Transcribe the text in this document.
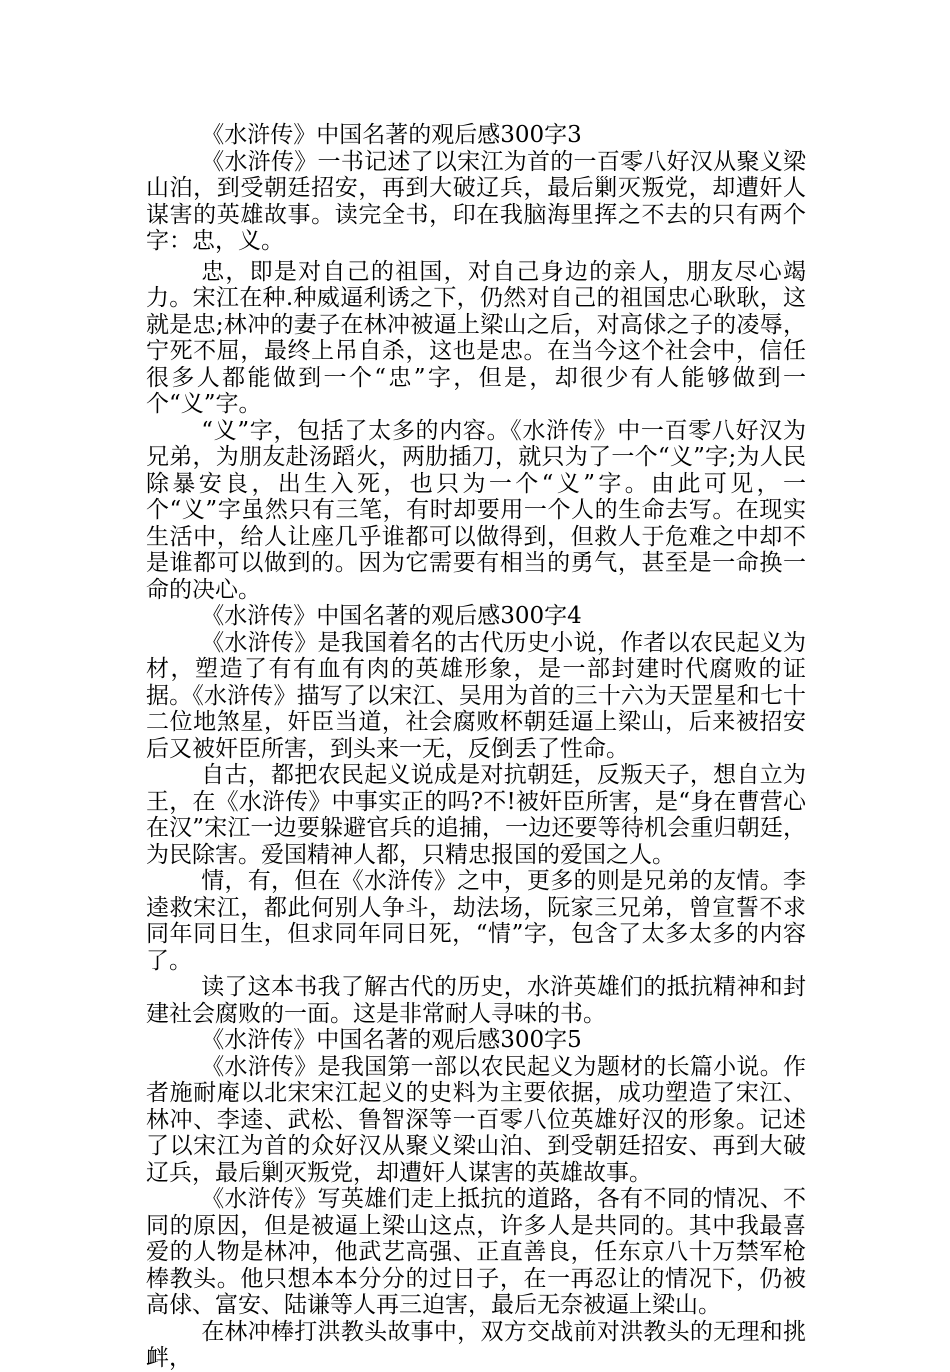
《水浒传》中国名著的观后感300字3

《水浒传》一书记述了以宋江为首的一百零八好汉从聚义梁山泊，到受朝廷招安，再到大破辽兵，最后剿灭叛党，却遭奸人谋害的英雄故事。读完全书，印在我脑海里挥之不去的只有两个字：忠，义。

忠，即是对自己的祖国，对自己身边的亲人，朋友尽心竭力。宋江在种.种威逼利诱之下，仍然对自己的祖国忠心耿耿，这就是忠;林冲的妻子在林冲被逼上梁山之后，对高俅之子的凌辱，宁死不屈，最终上吊自杀，这也是忠。在当今这个社会中，信任很多人都能做到一个“忠”字，但是，却很少有人能够做到一个“义”字。

“义”字，包括了太多的内容。《水浒传》中一百零八好汉为兄弟，为朋友赴汤蹈火，两肋插刀，就只为了一个“义”字;为人民除暴安良，出生入死，也只为一个“义”字。由此可见，一个“义”字虽然只有三笔，有时却要用一个人的生命去写。在现实生活中，给人让座几乎谁都可以做得到，但救人于危难之中却不是谁都可以做到的。因为它需要有相当的勇气，甚至是一命换一命的决心。

《水浒传》中国名著的观后感300字4

《水浒传》是我国着名的古代历史小说，作者以农民起义为材，塑造了有有血有肉的英雄形象，是一部封建时代腐败的证据。《水浒传》描写了以宋江、吴用为首的三十六为天罡星和七十二位地煞星，奸臣当道，社会腐败杯朝廷逼上梁山，后来被招安后又被奸臣所害，到头来一无，反倒丢了性命。

自古，都把农民起义说成是对抗朝廷，反叛天子，想自立为王，在《水浒传》中事实正的吗?不!被奸臣所害，是“身在曹营心在汉”宋江一边要躲避官兵的追捕，一边还要等待机会重归朝廷，为民除害。爱国精神人都，只精忠报国的爱国之人。

情，有，但在《水浒传》之中，更多的则是兄弟的友情。李逵救宋江，都此何别人争斗，劫法场，阮家三兄弟，曾宣誓不求同年同日生，但求同年同日死，“情”字，包含了太多太多的内容了。

读了这本书我了解古代的历史，水浒英雄们的抵抗精神和封建社会腐败的一面。这是非常耐人寻味的书。

《水浒传》中国名著的观后感300字5

《水浒传》是我国第一部以农民起义为题材的长篇小说。作者施耐庵以北宋宋江起义的史料为主要依据，成功塑造了宋江、林冲、李逵、武松、鲁智深等一百零八位英雄好汉的形象。记述了以宋江为首的众好汉从聚义梁山泊、到受朝廷招安、再到大破辽兵，最后剿灭叛党，却遭奸人谋害的英雄故事。

《水浒传》写英雄们走上抵抗的道路，各有不同的情况、不同的原因，但是被逼上梁山这点，许多人是共同的。其中我最喜爱的人物是林冲，他武艺高强、正直善良，任东京八十万禁军枪棒教头。他只想本本分分的过日子，在一再忍让的情况下，仍被高俅、富安、陆谦等人再三迫害，最后无奈被逼上梁山。

在林冲棒打洪教头故事中，双方交战前对洪教头的无理和挑衅，
